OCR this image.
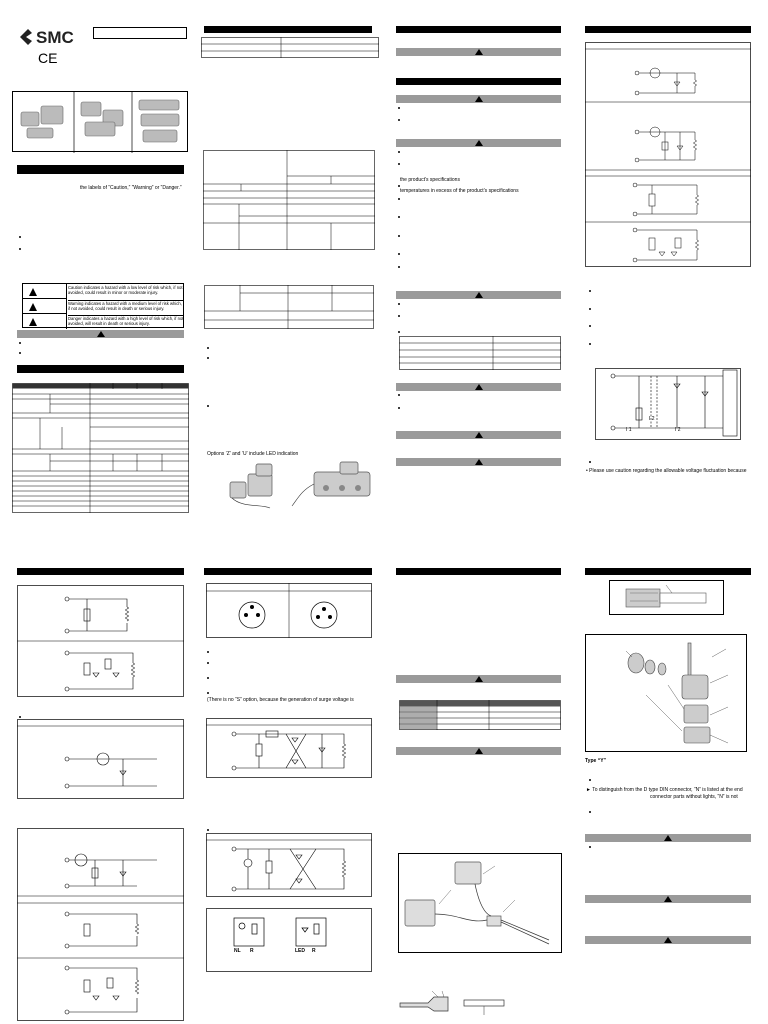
SMC
CE
the labels of “Caution,” “Warning” or “Danger.”
Caution indicates a hazard with a low level of risk which, if not avoided, could result in minor or moderate injury.
Warning indicates a hazard with a medium level of risk which, if not avoided, could result in death or serious injury.
Danger indicates a hazard with a high level of risk which, if not avoided, will result in death or serious injury.
Options ’Z’ and ’U’ include LED indication
the product’s specifications
temperatures in excess of the product’s specifications
I 1
I 2
I 2
• Please use caution regarding the allowable voltage fluctuation because
(There is no “S” option, because the generation of surge voltage is
NL R	LED R
Type “Y”
► To distinguish from the D type DIN connector, “N” is listed at the end
connector parts without lights, “N” is not
